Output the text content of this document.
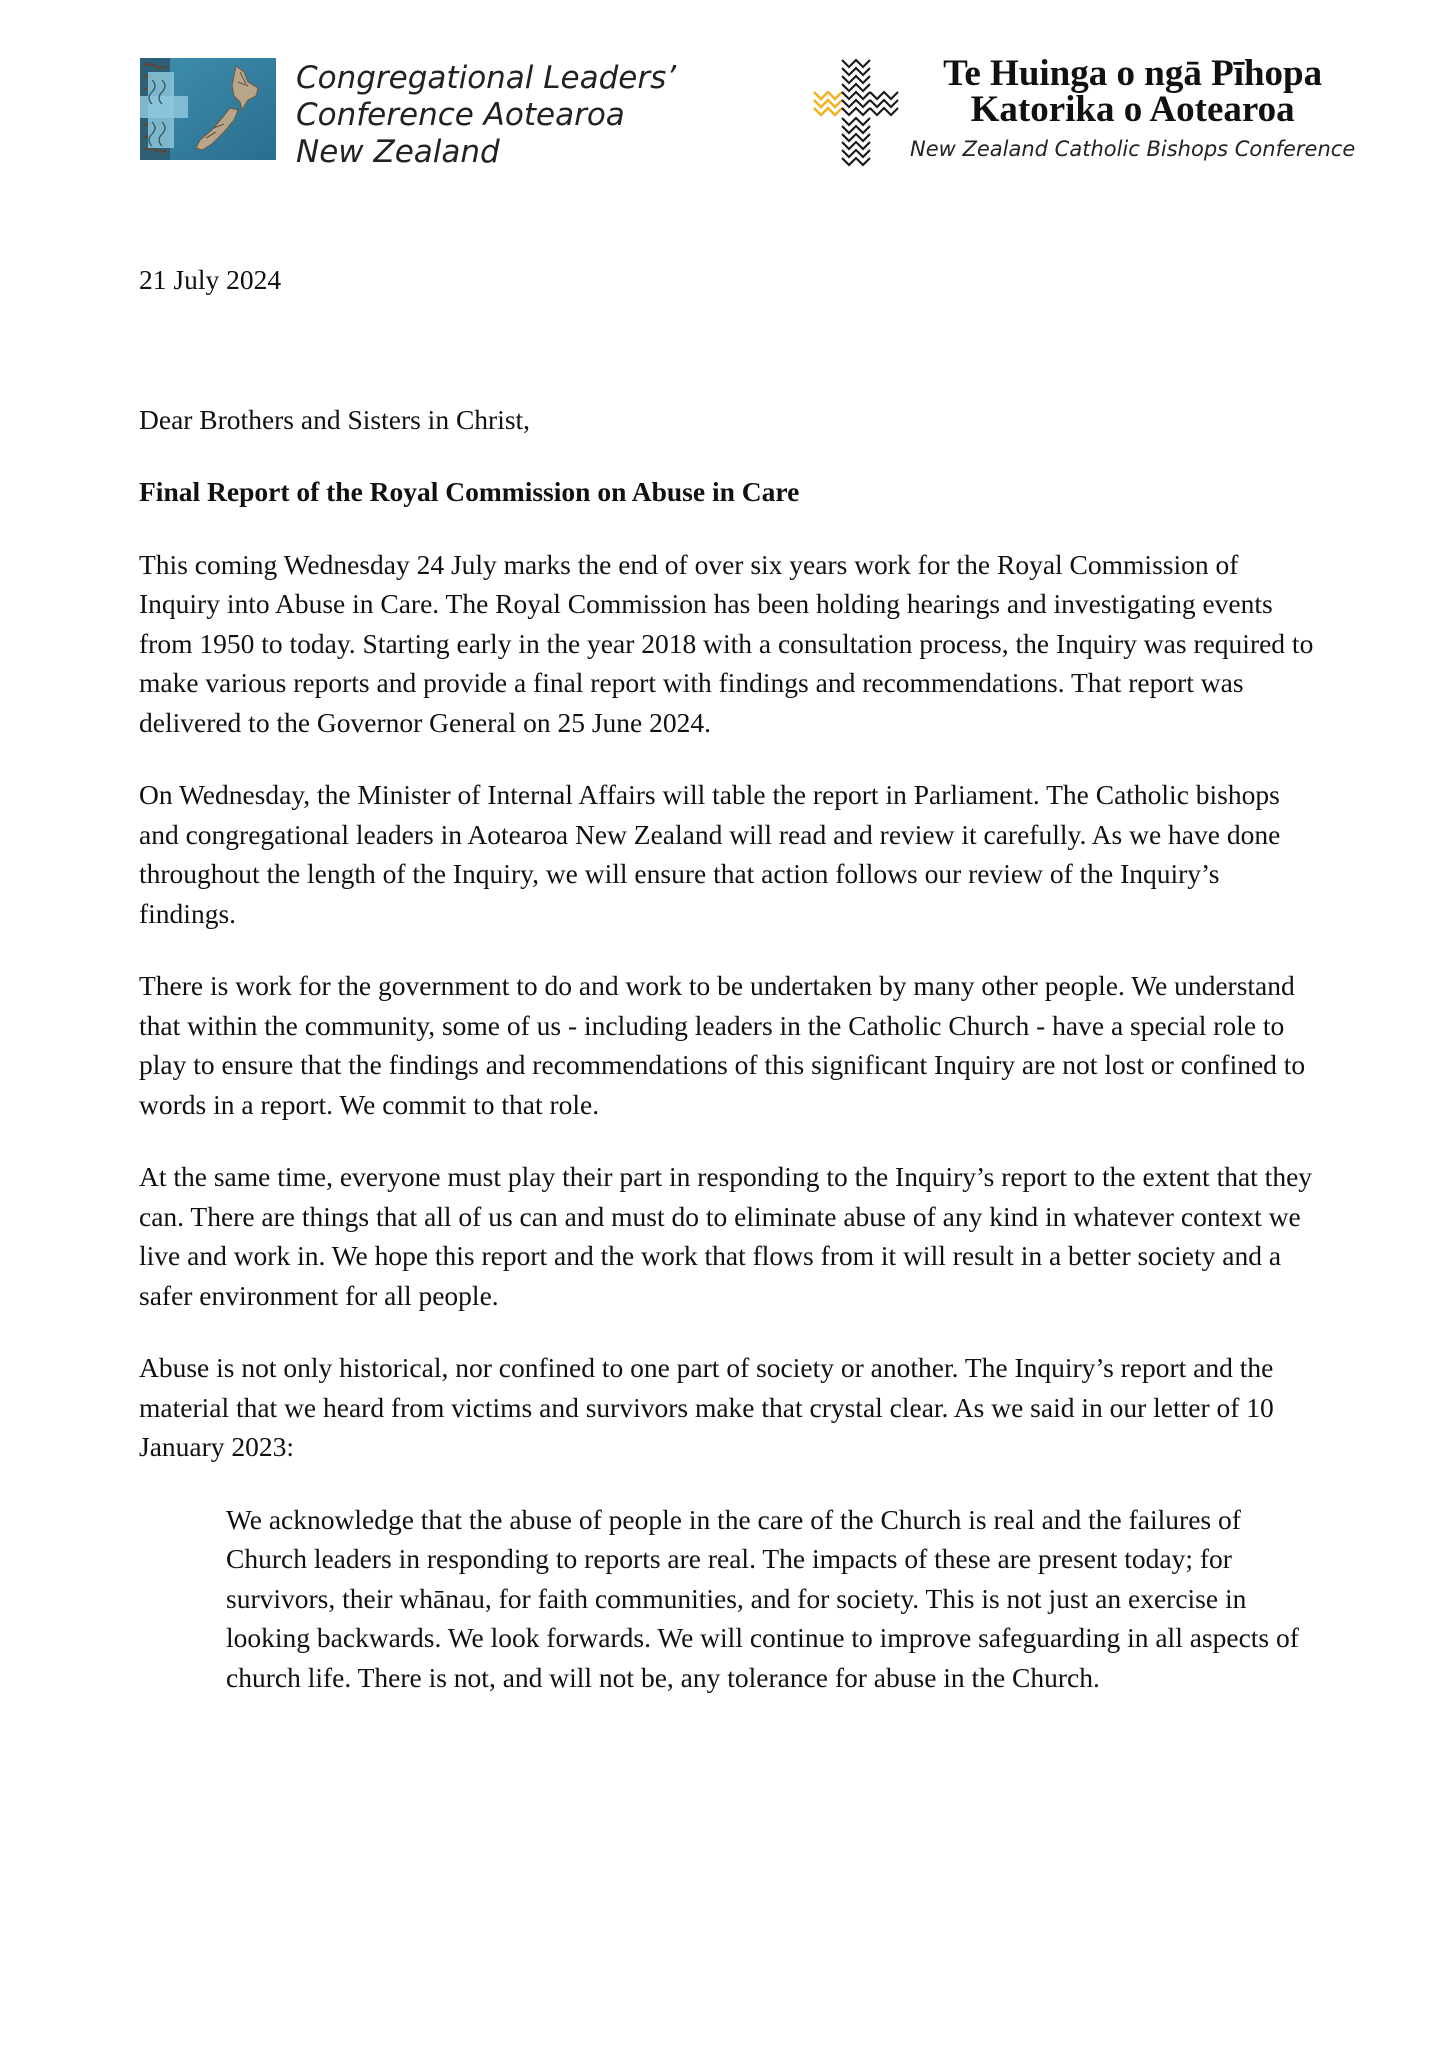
Congregational Leaders’
Conference Aotearoa
New Zealand
Te Huinga o ngā Pīhopa
Katorika o Aotearoa
New Zealand Catholic Bishops Conference

21 July 2024

Dear Brothers and Sisters in Christ,

Final Report of the Royal Commission on Abuse in Care

This coming Wednesday 24 July marks the end of over six years work for the Royal Commission of Inquiry into Abuse in Care. The Royal Commission has been holding hearings and investigating events from 1950 to today. Starting early in the year 2018 with a consultation process, the Inquiry was required to make various reports and provide a final report with findings and recommendations. That report was delivered to the Governor General on 25 June 2024.

On Wednesday, the Minister of Internal Affairs will table the report in Parliament. The Catholic bishops and congregational leaders in Aotearoa New Zealand will read and review it carefully. As we have done throughout the length of the Inquiry, we will ensure that action follows our review of the Inquiry’s findings.

There is work for the government to do and work to be undertaken by many other people. We understand that within the community, some of us - including leaders in the Catholic Church - have a special role to play to ensure that the findings and recommendations of this significant Inquiry are not lost or confined to words in a report. We commit to that role.

At the same time, everyone must play their part in responding to the Inquiry’s report to the extent that they can. There are things that all of us can and must do to eliminate abuse of any kind in whatever context we live and work in. We hope this report and the work that flows from it will result in a better society and a safer environment for all people.

Abuse is not only historical, nor confined to one part of society or another. The Inquiry’s report and the material that we heard from victims and survivors make that crystal clear. As we said in our letter of 10 January 2023:

We acknowledge that the abuse of people in the care of the Church is real and the failures of Church leaders in responding to reports are real. The impacts of these are present today; for survivors, their whānau, for faith communities, and for society. This is not just an exercise in looking backwards. We look forwards. We will continue to improve safeguarding in all aspects of church life. There is not, and will not be, any tolerance for abuse in the Church.
